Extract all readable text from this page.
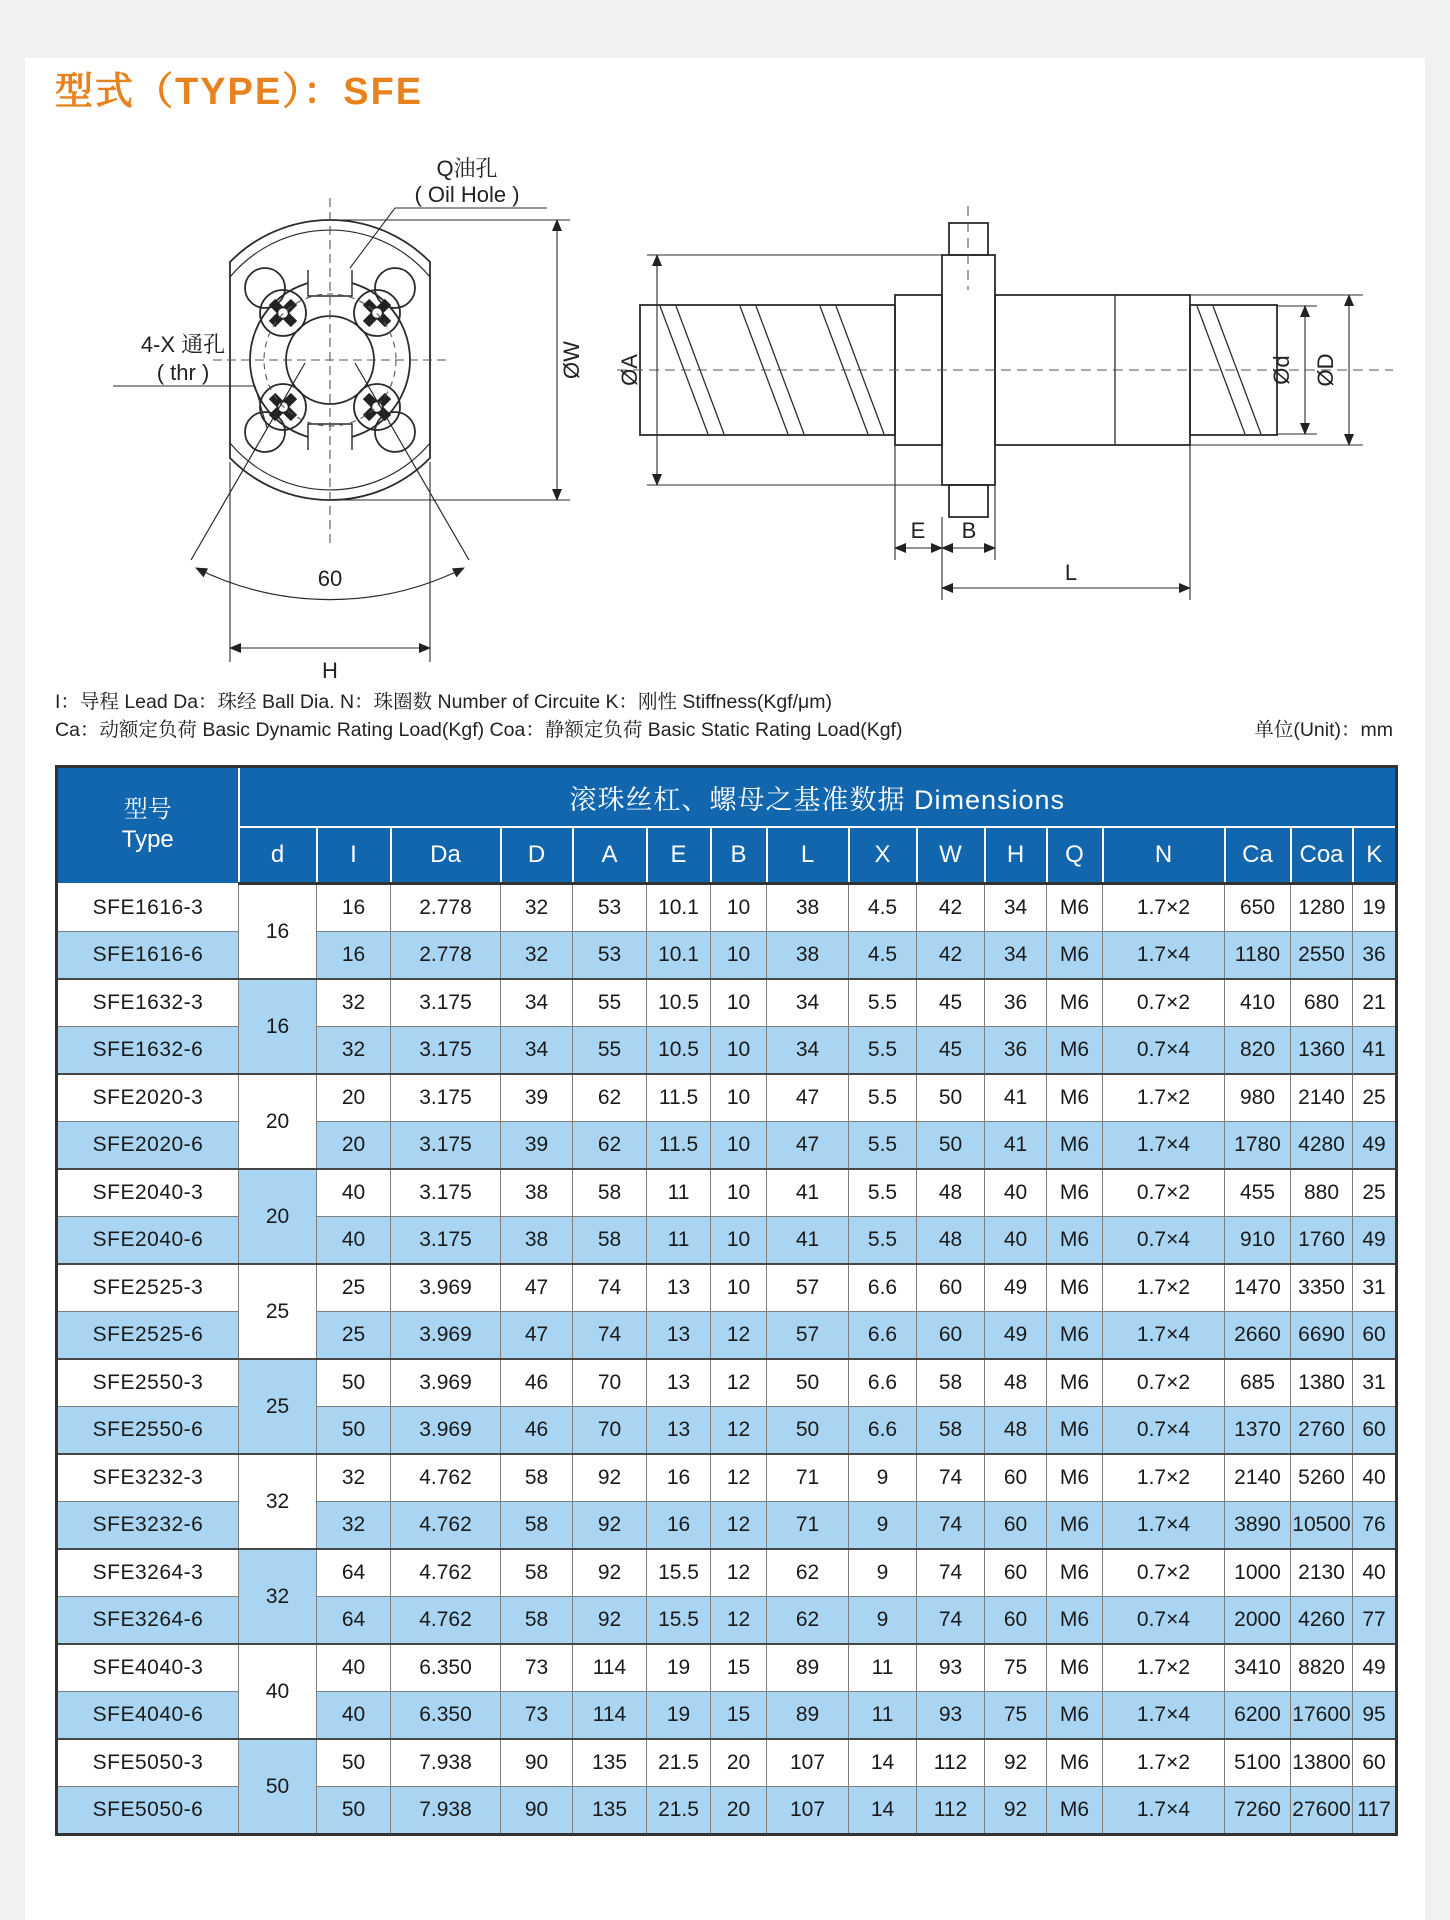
型式（TYPE）：SFE
Q油孔
( Oil Hole )
4-X 通孔
( thr )
60
H
ØW ØA	Ød ØD
E B
L
I：导程 Lead Da：珠经 Ball Dia. N：珠圈数 Number of Circuite K：刚性 Stiffness(Kgf/μm)
Ca：动额定负荷 Basic Dynamic Rating Load(Kgf) Coa：静额定负荷 Basic Static Rating Load(Kgf)	单位(Unit)：mm
型号
Type	滚珠丝杠、螺母之基准数据 Dimensions															
	d	I	Da	D	A	E	B	L	X	W	H	Q	N	Ca	Coa	K
SFE1616-3	16	16	2.778	32	53	10.1	10	38	4.5	42	34	M6	1.7×2	650	1280	19
SFE1616-6		16	2.778	32	53	10.1	10	38	4.5	42	34	M6	1.7×4	1180	2550	36
SFE1632-3	16	32	3.175	34	55	10.5	10	34	5.5	45	36	M6	0.7×2	410	680	21
SFE1632-6		32	3.175	34	55	10.5	10	34	5.5	45	36	M6	0.7×4	820	1360	41
SFE2020-3	20	20	3.175	39	62	11.5	10	47	5.5	50	41	M6	1.7×2	980	2140	25
SFE2020-6		20	3.175	39	62	11.5	10	47	5.5	50	41	M6	1.7×4	1780	4280	49
SFE2040-3	20	40	3.175	38	58	11	10	41	5.5	48	40	M6	0.7×2	455	880	25
SFE2040-6		40	3.175	38	58	11	10	41	5.5	48	40	M6	0.7×4	910	1760	49
SFE2525-3	25	25	3.969	47	74	13	10	57	6.6	60	49	M6	1.7×2	1470	3350	31
SFE2525-6		25	3.969	47	74	13	12	57	6.6	60	49	M6	1.7×4	2660	6690	60
SFE2550-3	25	50	3.969	46	70	13	12	50	6.6	58	48	M6	0.7×2	685	1380	31
SFE2550-6		50	3.969	46	70	13	12	50	6.6	58	48	M6	0.7×4	1370	2760	60
SFE3232-3	32	32	4.762	58	92	16	12	71	9	74	60	M6	1.7×2	2140	5260	40
SFE3232-6		32	4.762	58	92	16	12	71	9	74	60	M6	1.7×4	3890	10500	76
SFE3264-3	32	64	4.762	58	92	15.5	12	62	9	74	60	M6	0.7×2	1000	2130	40
SFE3264-6		64	4.762	58	92	15.5	12	62	9	74	60	M6	0.7×4	2000	4260	77
SFE4040-3	40	40	6.350	73	114	19	15	89	11	93	75	M6	1.7×2	3410	8820	49
SFE4040-6		40	6.350	73	114	19	15	89	11	93	75	M6	1.7×4	6200	17600	95
SFE5050-3	50	50	7.938	90	135	21.5	20	107	14	112	92	M6	1.7×2	5100	13800	60
SFE5050-6		50	7.938	90	135	21.5	20	107	14	112	92	M6	1.7×4	7260	27600	117
